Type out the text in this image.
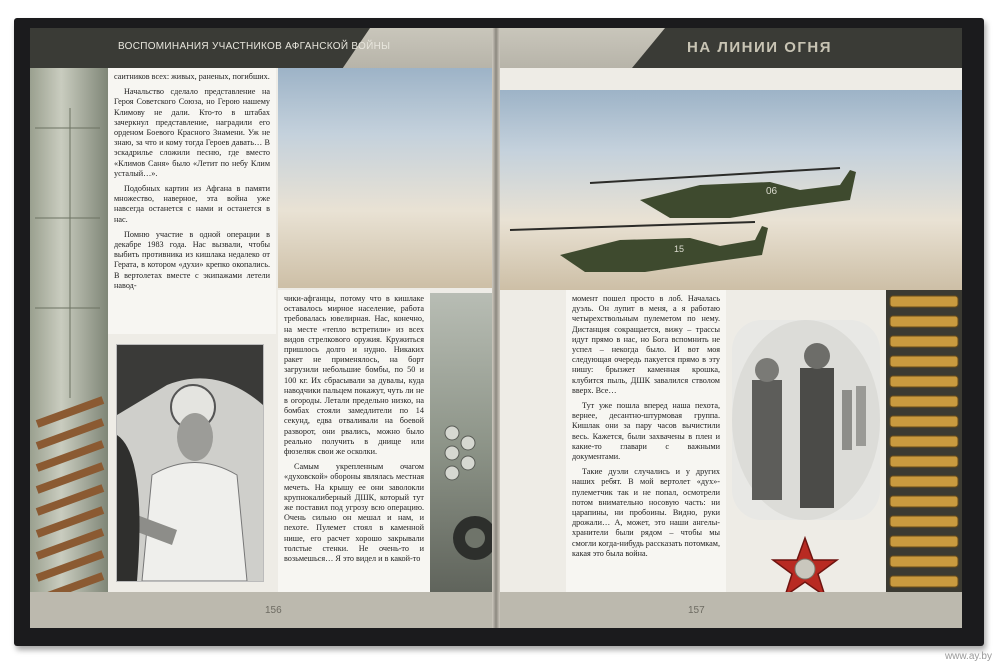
ВОСПОМИНАНИЯ УЧАСТНИКОВ АФГАНСКОЙ ВОЙНЫ

саитников всех: живых, раненых, погибших.

Начальство сделало представление на Героя Советского Союза, но Герою нашему Климову не дали. Кто-то в штабах зачеркнул представление, наградили его орденом Боевого Красного Знамени. Уж не знаю, за что и кому тогда Героев давать… В эскадрилье сложили песню, где вместо «Климов Саня» было «Летит по небу Клим усталый…».

Подобных картин из Афгана в памяти множество, наверное, эта война уже навсегда останется с нами и останется в нас.

Помню участие в одной операции в декабре 1983 года. Нас вызвали, чтобы выбить противника из кишлака недалеко от Герата, в котором «духи» крепко окопались. В вертолетах вместе с экипажами летели навод-

чики-афганцы, потому что в кишлаке оставалось мирное население, работа требовалась ювелирная. Нас, конечно, на месте «тепло встретили» из всех видов стрелкового оружия. Кружиться пришлось долго и нудно. Никаких ракет не применялось, на борт загрузили небольшие бомбы, по 50 и 100 кг. Их сбрасывали за дувалы, куда наводчики пальцем покажут, чуть ли не в огороды. Летали предельно низко, на бомбах стояли замедлители по 14 секунд, едва отваливали на боевой разворот, они рвались, можно было реально получить в днище или фюзеляж свои же осколки.

Самым укрепленным очагом «духовской» обороны являлась местная мечеть. На крышу ее они заволокли крупнокалиберный ДШК, который тут же поставил под угрозу всю операцию. Очень сильно он мешал и нам, и пехоте. Пулемет стоял в каменной нише, его расчет хорошо закрывали толстые стенки. Не очень-то и возьмешься… Я это видел и в какой-то

156
НА ЛИНИИ ОГНЯ
06
15

момент пошел просто в лоб. Началась дуэль. Он лупит в меня, а я работаю четырехствольным пулеметом по нему. Дистанция сокращается, вижу – трассы идут прямо в нас, но Бога вспомнить не успел – некогда было. И вот моя следующая очередь пакуется прямо в эту нишу: брызжет каменная крошка, клубится пыль, ДШК завалился стволом вверх. Все…

Тут уже пошла вперед наша пехота, вернее, десантно-штурмовая группа. Кишлак они за пару часов вычистили весь. Кажется, были захвачены в плен и какие-то главари с важными документами.

Такие дуэли случались и у других наших ребят. В мой вертолет «дух»-пулеметчик так и не попал, осмотрели потом внимательно носовую часть: ни царапины, ни пробоины. Видно, руки дрожали… А, может, это наши ангелы-хранители были рядом – чтобы мы смогли когда-нибудь рассказать потомкам, какая это была война.

157
www.ay.by
